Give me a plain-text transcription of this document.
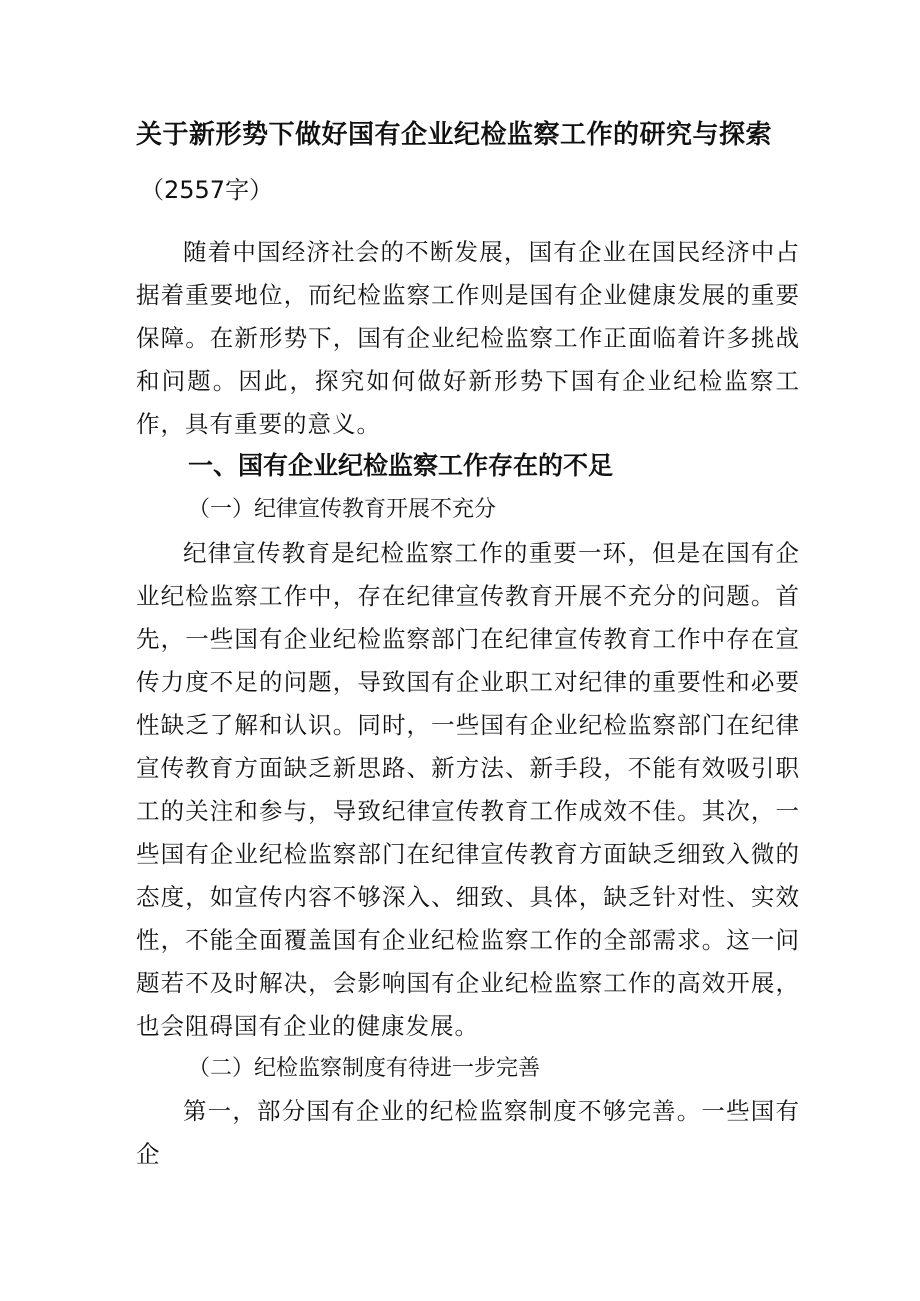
关于新形势下做好国有企业纪检监察工作的研究与探索
（2557字）

随着中国经济社会的不断发展，国有企业在国民经济中占据着重要地位，而纪检监察工作则是国有企业健康发展的重要保障。在新形势下，国有企业纪检监察工作正面临着许多挑战和问题。因此，探究如何做好新形势下国有企业纪检监察工作，具有重要的意义。

一、国有企业纪检监察工作存在的不足
（一）纪律宣传教育开展不充分

纪律宣传教育是纪检监察工作的重要一环，但是在国有企业纪检监察工作中，存在纪律宣传教育开展不充分的问题。首先，一些国有企业纪检监察部门在纪律宣传教育工作中存在宣传力度不足的问题，导致国有企业职工对纪律的重要性和必要性缺乏了解和认识。同时，一些国有企业纪检监察部门在纪律宣传教育方面缺乏新思路、新方法、新手段，不能有效吸引职工的关注和参与，导致纪律宣传教育工作成效不佳。其次，一些国有企业纪检监察部门在纪律宣传教育方面缺乏细致入微的态度，如宣传内容不够深入、细致、具体，缺乏针对性、实效性，不能全面覆盖国有企业纪检监察工作的全部需求。这一问题若不及时解决，会影响国有企业纪检监察工作的高效开展，也会阻碍国有企业的健康发展。

（二）纪检监察制度有待进一步完善

第一，部分国有企业的纪检监察制度不够完善。一些国有企
